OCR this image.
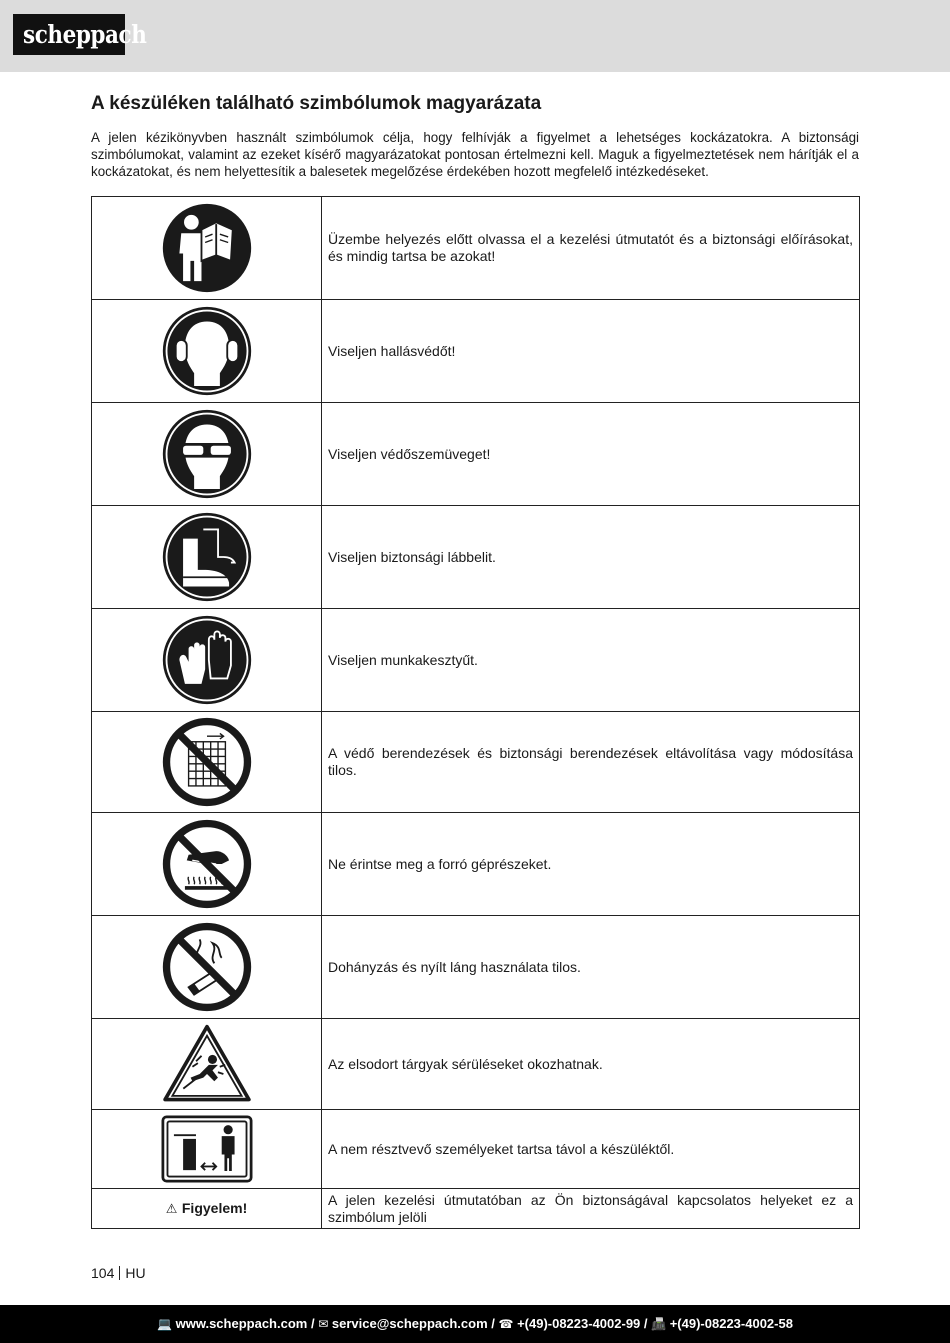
scheppach
A készüléken található szimbólumok magyarázata

A jelen kézikönyvben használt szimbólumok célja, hogy felhívják a figyelmet a lehetséges kockázatokra. A biztonsági szimbólumokat, valamint az ezeket kísérő magyarázatokat pontosan értelmezni kell. Maguk a figyelmeztetések nem hárítják el a kockázatokat, és nem helyettesítik a balesetek megelőzése érdekében hozott megfelelő intézkedéseket.

	Üzembe helyezés előtt olvassa el a kezelési útmutatót és a biztonsági előírásokat, és mindig tartsa be azokat!

	Viseljen hallásvédőt!

	Viseljen védőszemüveget!

	Viseljen biztonsági lábbelit.

	Viseljen munkakesztyűt.

	A védő berendezések és biztonsági berendezések eltávolítása vagy módosítása tilos.

	Ne érintse meg a forró géprészeket.

	Dohányzás és nyílt láng használata tilos.

	Az elsodort tárgyak sérüléseket okozhatnak.

	A nem résztvevő személyeket tartsa távol a készüléktől.
⚠ Figyelem!	A jelen kezelési útmutatóban az Ön biztonságával kapcsolatos helyeket ez a szimbólum jelöli
104 HU
💻 www.scheppach.com / ✉ service@scheppach.com / ☎ +(49)-08223-4002-99 / 📠 +(49)-08223-4002-58
